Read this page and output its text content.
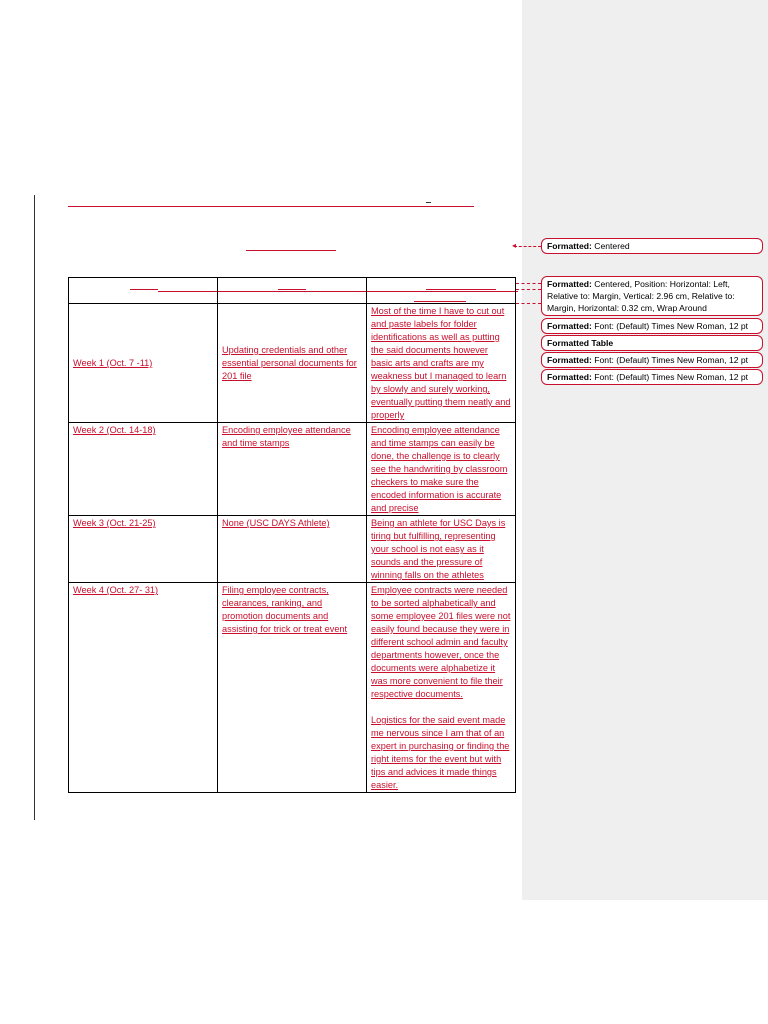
Week 1 (Oct. 7 -11)	Updating credentials and other essential personal documents for 201 file	Most of the time I have to cut out and paste labels for folder identifications as well as putting the said documents however basic arts and crafts are my weakness but I managed to learn by slowly and surely working, eventually putting them neatly and properly
Week 2 (Oct. 14-18)	Encoding employee attendance and time stamps	Encoding employee attendance and time stamps can easily be done, the challenge is to clearly see the handwriting by classroom checkers to make sure the encoded information is accurate and precise
Week 3 (Oct. 21-25)	None (USC DAYS Athlete)	Being an athlete for USC Days is tiring but fulfilling, representing your school is not easy as it sounds and the pressure of winning falls on the athletes
Week 4 (Oct. 27- 31)	Filing employee contracts, clearances, ranking, and promotion documents and assisting for trick or treat event	Employee contracts were needed to be sorted alphabetically and some employee 201 files were not easily found because they were in different school admin and faculty departments however, once the documents were alphabetize it was more convenient to file their respective documents.
Logistics for the said event made me nervous since I am that of an expert in purchasing or finding the right items for the event but with tips and advices it made things easier.
◂	Formatted: Centered
Formatted: Centered, Position: Horizontal: Left, Relative to: Margin, Vertical: 2.96 cm, Relative to: Margin, Horizontal: 0.32 cm, Wrap Around
Formatted: Font: (Default) Times New Roman, 12 pt
Formatted Table
Formatted: Font: (Default) Times New Roman, 12 pt
Formatted: Font: (Default) Times New Roman, 12 pt
